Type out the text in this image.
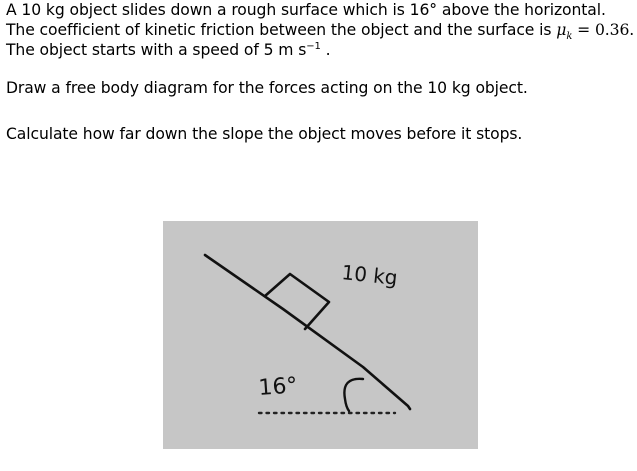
A 10 kg object slides down a rough surface which is 16° above the horizontal.

The coefficient of kinetic friction between the object and the surface is $\mu_k = 0.36$.

The object starts with a speed of 5 m $s^{-1}$ .

Draw a free body diagram for the forces acting on the 10 kg object.

Calculate how far down the slope the object moves before it stops.

10 kg
16°
